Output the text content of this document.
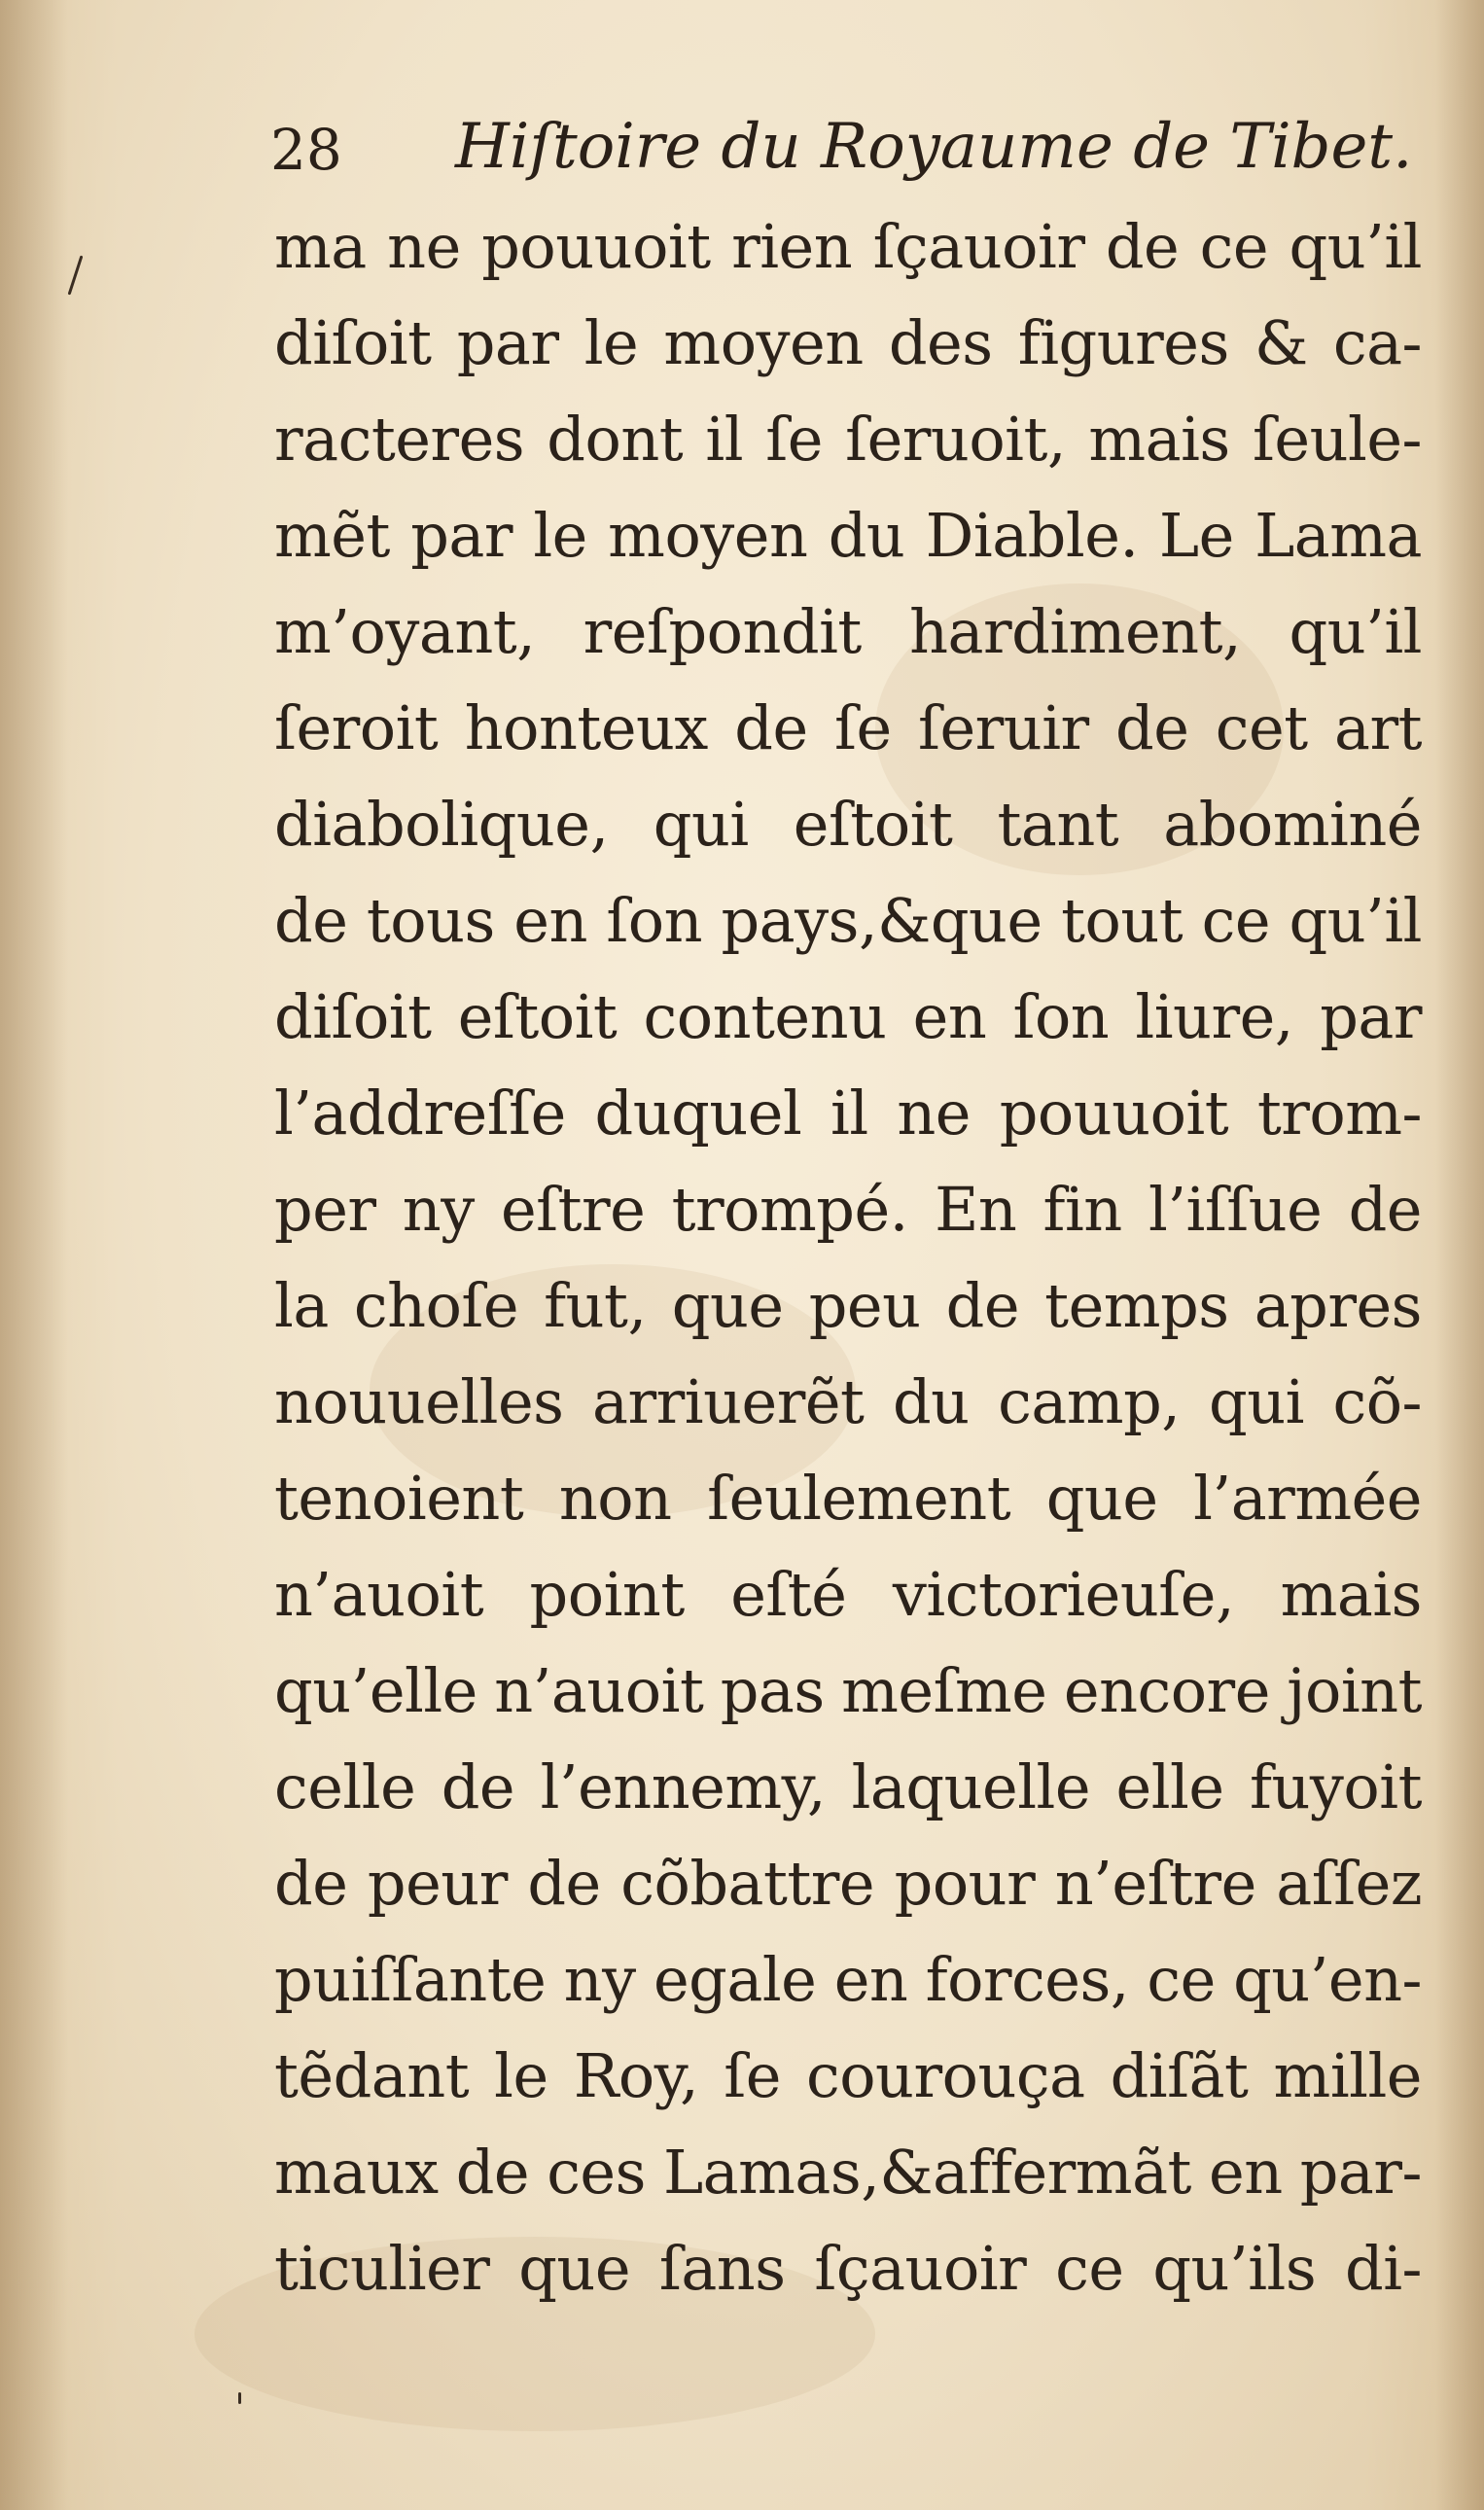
28 Hiſtoire du Royaume de Tibet.
ma ne pouuoit rien ſçauoir de ce qu’il
diſoit par le moyen des figures & ca-
racteres dont il ſe ſeruoit, mais ſeule-
mẽt par le moyen du Diable. Le Lama
m’oyant, reſpondit hardiment, qu’il
ſeroit honteux de ſe ſeruir de cet art
diabolique, qui eſtoit tant abominé
de tous en ſon pays,&que tout ce qu’il
diſoit eſtoit contenu en ſon liure, par
l’addreſſe duquel il ne pouuoit trom-
per ny eſtre trompé. En fin l’iſſue de
la choſe fut, que peu de temps apres
nouuelles arriuerẽt du camp, qui cõ-
tenoient non ſeulement que l’armée
n’auoit point eſté victorieuſe, mais
qu’elle n’auoit pas meſme encore joint
celle de l’ennemy, laquelle elle fuyoit
de peur de cõbattre pour n’eſtre aſſez
puiſſante ny egale en forces, ce qu’en-
tẽdant le Roy, ſe courouça diſãt mille
maux de ces Lamas,&affermãt en par-
ticulier que ſans ſçauoir ce qu’ils di-
